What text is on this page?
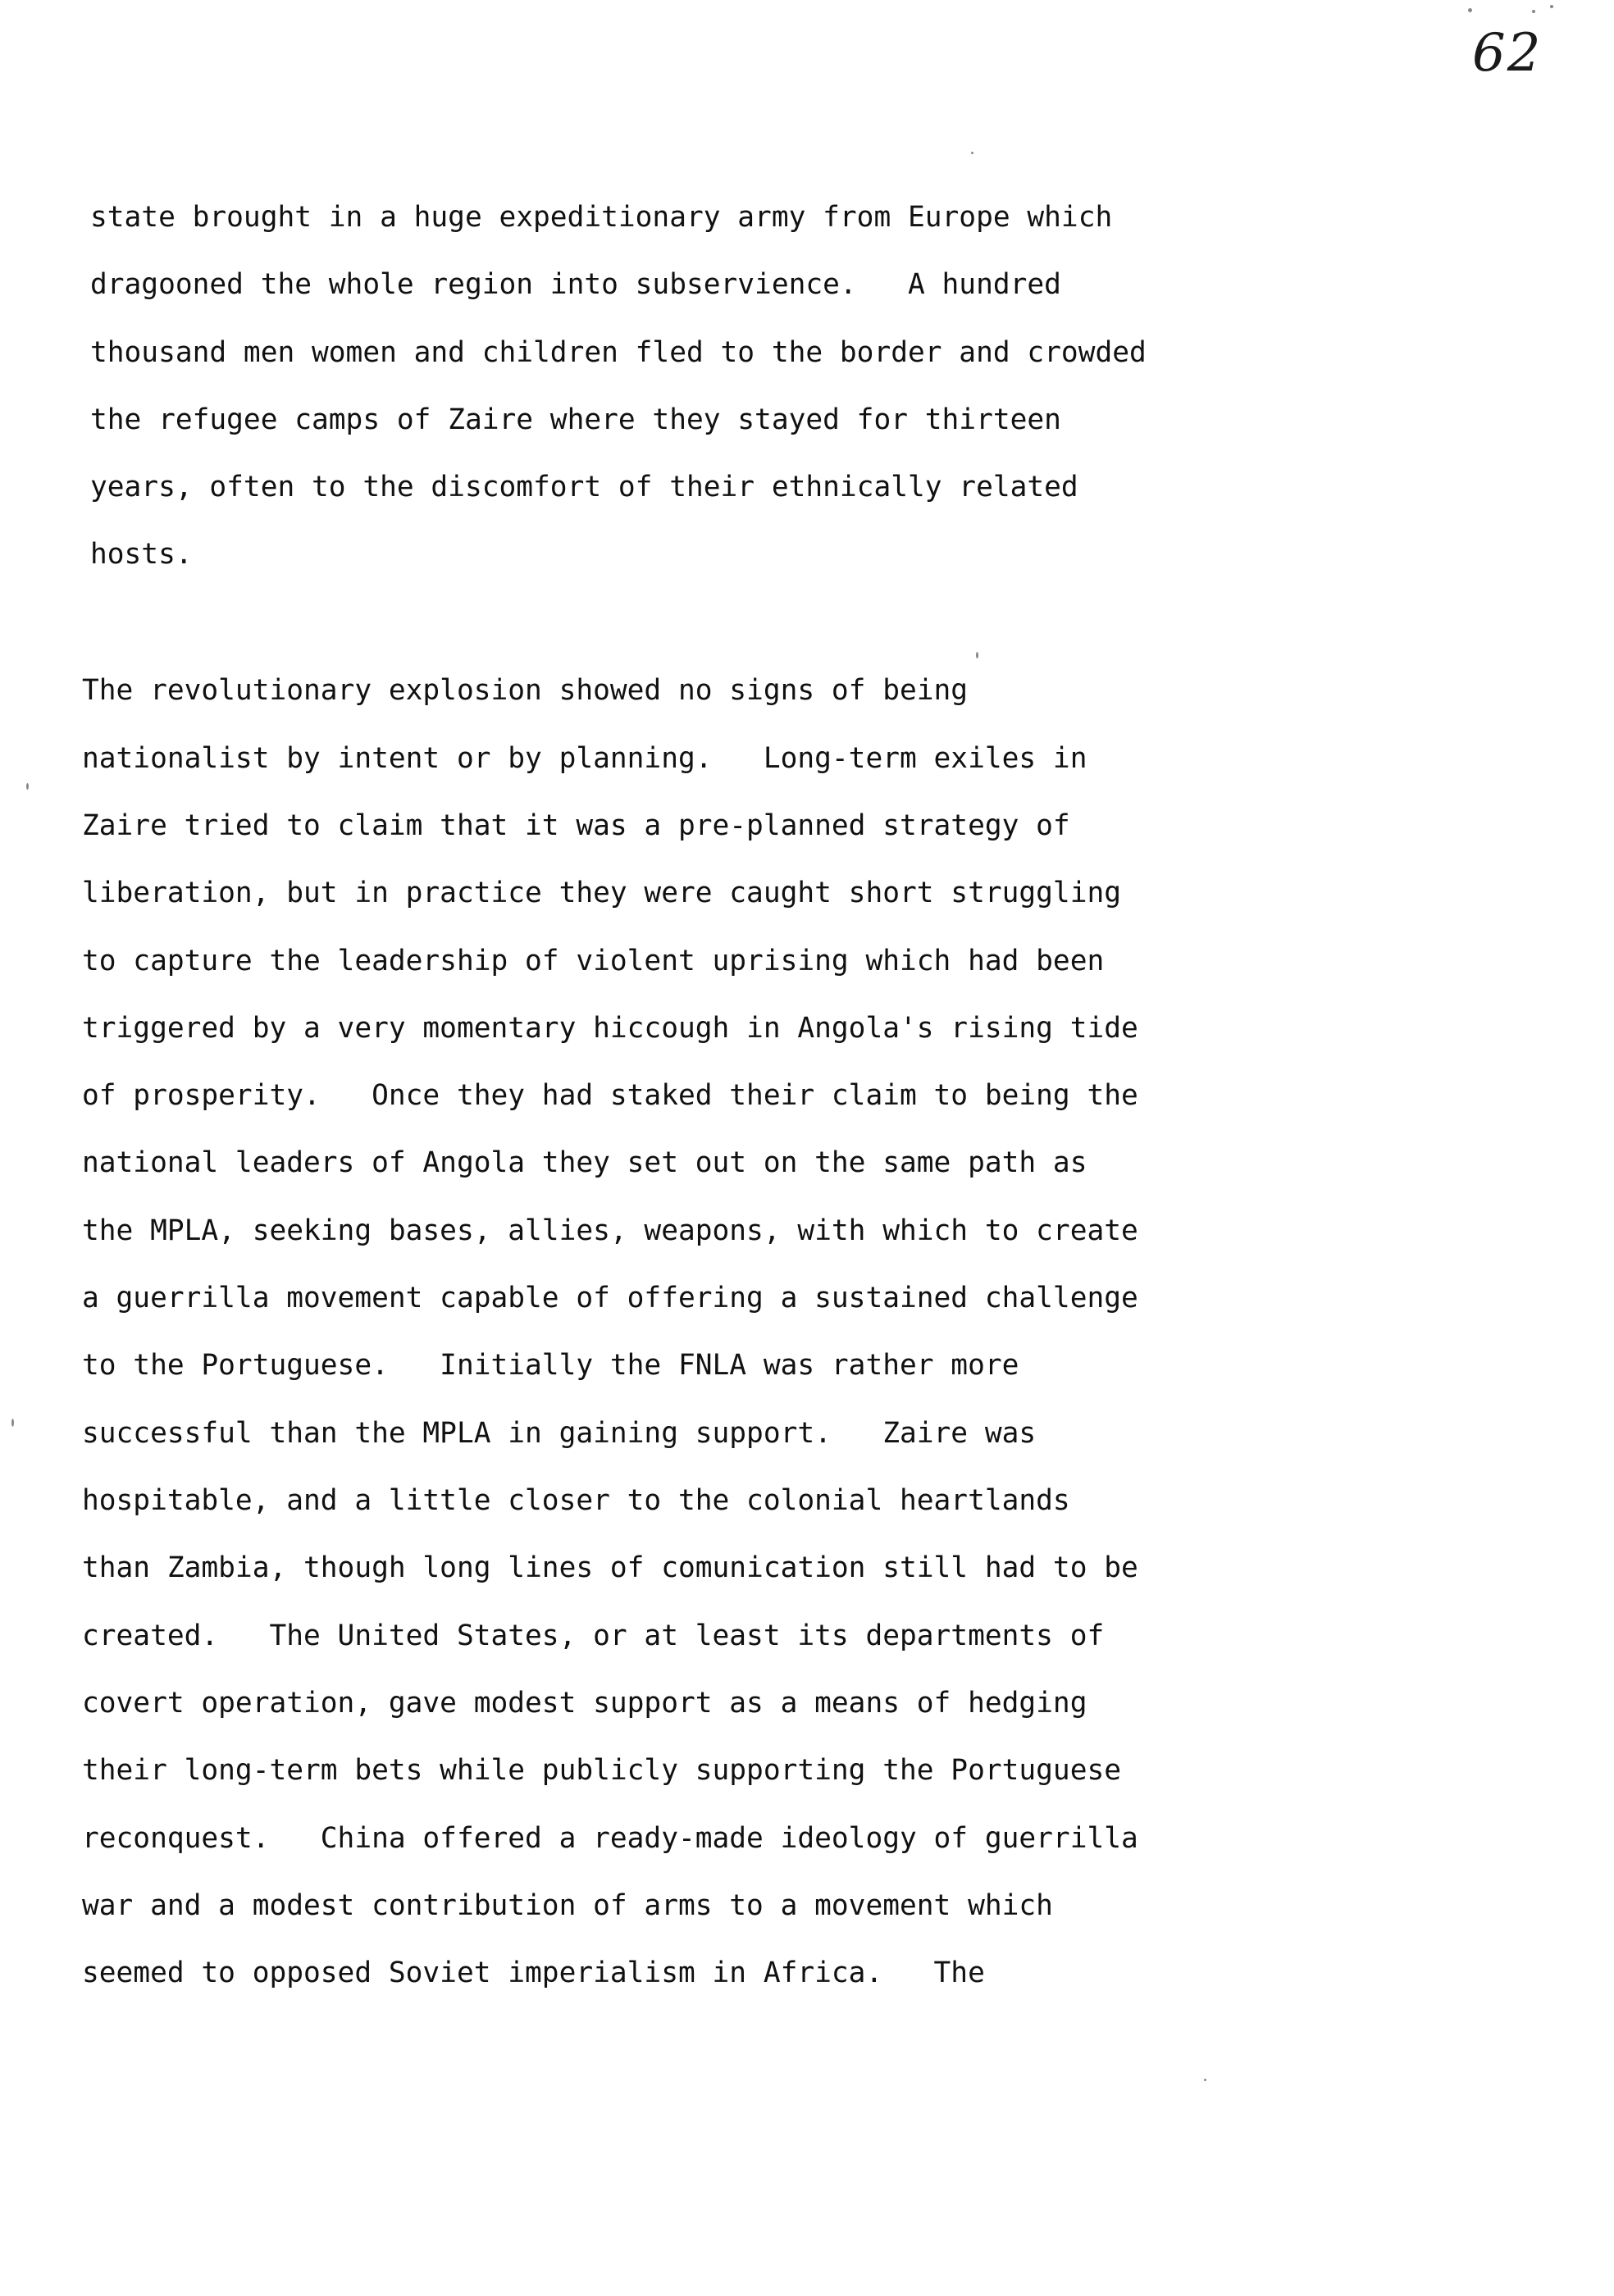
62

state brought in a huge expeditionary army from Europe which

dragooned the whole region into subservience.   A hundred

thousand men women and children fled to the border and crowded

the refugee camps of Zaire where they stayed for thirteen

years, often to the discomfort of their ethnically related

hosts.

The revolutionary explosion showed no signs of being

nationalist by intent or by planning.   Long-term exiles in

Zaire tried to claim that it was a pre-planned strategy of

liberation, but in practice they were caught short struggling

to capture the leadership of violent uprising which had been

triggered by a very momentary hiccough in Angola's rising tide

of prosperity.   Once they had staked their claim to being the

national leaders of Angola they set out on the same path as

the MPLA, seeking bases, allies, weapons, with which to create

a guerrilla movement capable of offering a sustained challenge

to the Portuguese.   Initially the FNLA was rather more

successful than the MPLA in gaining support.   Zaire was

hospitable, and a little closer to the colonial heartlands

than Zambia, though long lines of comunication still had to be

created.   The United States, or at least its departments of

covert operation, gave modest support as a means of hedging

their long-term bets while publicly supporting the Portuguese

reconquest.   China offered a ready-made ideology of guerrilla

war and a modest contribution of arms to a movement which

seemed to opposed Soviet imperialism in Africa.   The
